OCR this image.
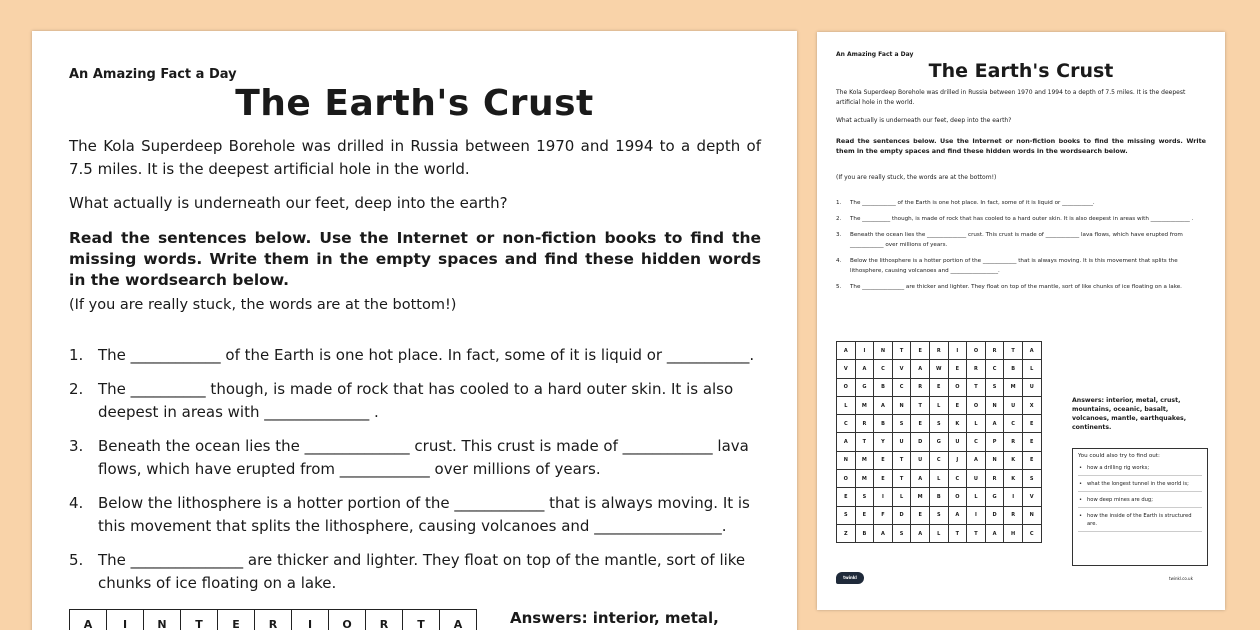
An Amazing Fact a Day
The Earth's Crust
The Kola Superdeep Borehole was drilled in Russia between 1970 and 1994 to a depth of 7.5 miles. It is the deepest artificial hole in the world.
What actually is underneath our feet, deep into the earth?
Read the sentences below. Use the Internet or non-fiction books to find the missing words. Write them in the empty spaces and find these hidden words in the wordsearch below.
(If you are really stuck, the words are at the bottom!)
1. The ____________ of the Earth is one hot place. In fact, some of it is liquid or ___________.
2. The __________ though, is made of rock that has cooled to a hard outer skin. It is also deepest in areas with ______________ .
3. Beneath the ocean lies the ______________ crust. This crust is made of ____________ lava flows, which have erupted from ____________ over millions of years.
4. Below the lithosphere is a hotter portion of the ____________ that is always moving. It is this movement that splits the lithosphere, causing volcanoes and _________________.
5. The _______________ are thicker and lighter. They float on top of the mantle, sort of like chunks of ice floating on a lake.
A	I	N	T	E	R	I	O	R	T	A	Answers: interior, metal,
An Amazing Fact a Day
The Earth's Crust
The Kola Superdeep Borehole was drilled in Russia between 1970 and 1994 to a depth of 7.5 miles. It is the deepest artificial hole in the world.
What actually is underneath our feet, deep into the earth?
Read the sentences below. Use the Internet or non-fiction books to find the missing words. Write them in the empty spaces and find these hidden words in the wordsearch below.
(If you are really stuck, the words are at the bottom!)
1. The ____________ of the Earth is one hot place. In fact, some of it is liquid or ___________.
2. The __________ though, is made of rock that has cooled to a hard outer skin. It is also deepest in areas with ______________ .
3. Beneath the ocean lies the ______________ crust. This crust is made of ____________ lava flows, which have erupted from ____________ over millions of years.
4. Below the lithosphere is a hotter portion of the ____________ that is always moving. It is this movement that splits the lithosphere, causing volcanoes and _________________.
5. The _______________ are thicker and lighter. They float on top of the mantle, sort of like chunks of ice floating on a lake.
A	I	N	T	E	R	I	O	R	T	A
V	A	C	V	A	W	E	R	C	B	L
O	G	B	C	R	E	O	T	S	M	U
L	M	A	N	T	L	E	O	N	U	X
C	R	B	S	E	S	K	L	A	C	E
A	T	Y	U	D	G	U	C	P	R	E
N	M	E	T	U	C	J	A	N	K	E
O	M	E	T	A	L	C	U	R	K	S
E	S	I	L	M	B	O	L	G	I	V
S	E	F	D	E	S	A	I	D	R	N
Z	B	A	S	A	L	T	T	A	H	C
Answers: interior, metal, crust, mountains, oceanic, basalt, volcanoes, mantle, earthquakes, continents.
You could also try to find out:
• how a drilling rig works;
• what the longest tunnel in the world is;
• how deep mines are dug;
• how the inside of the Earth is structured are.
twinkl	twinkl.co.uk
